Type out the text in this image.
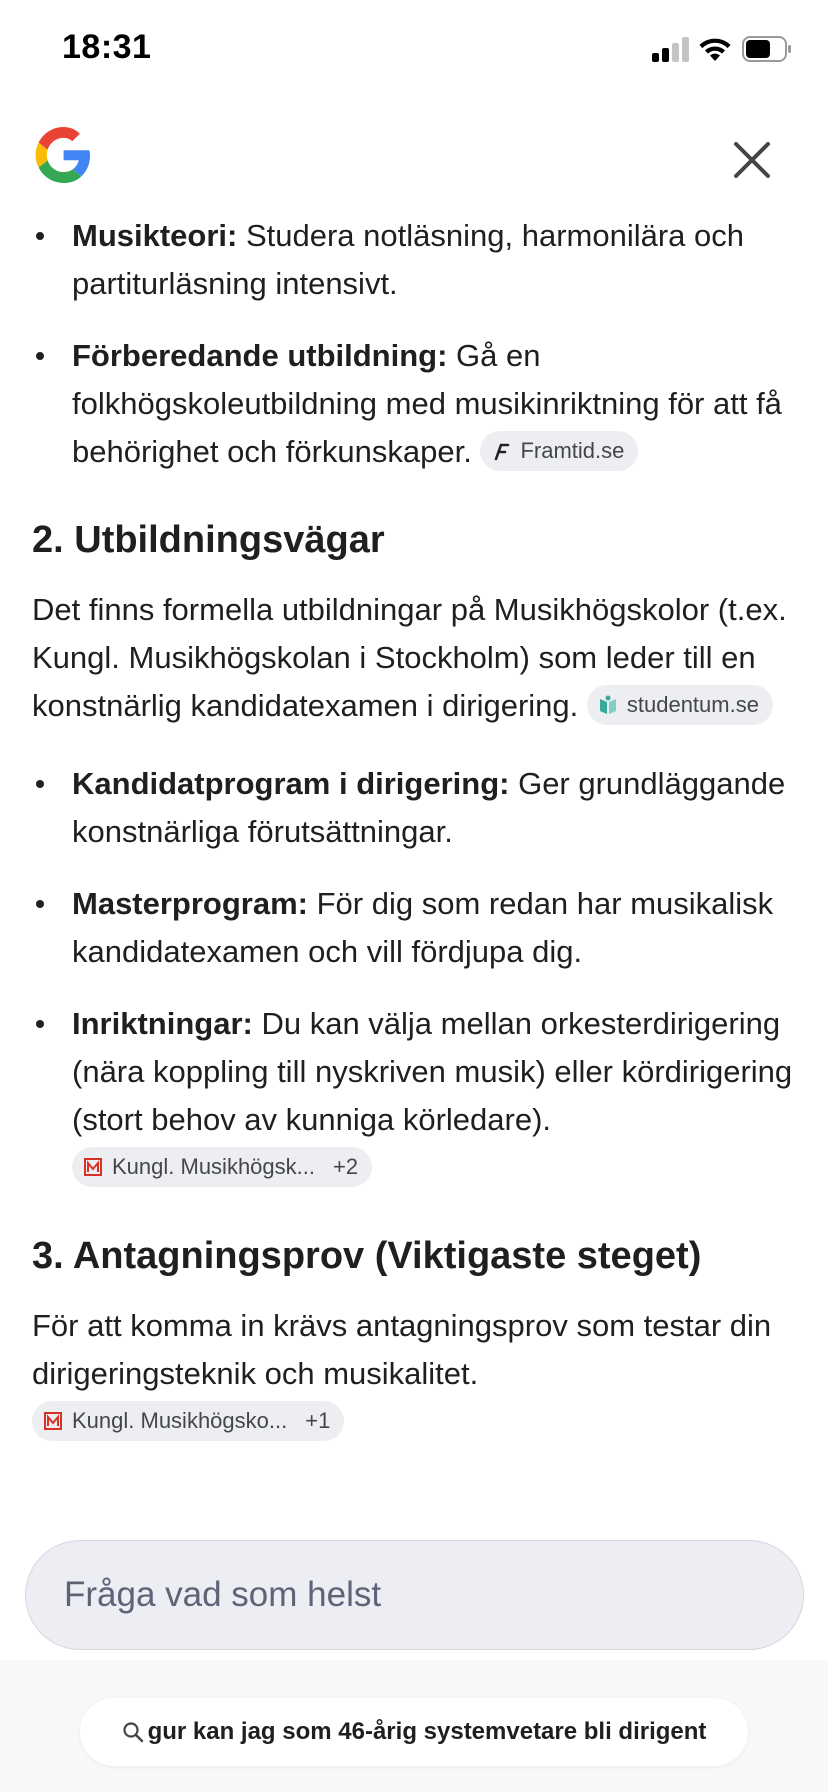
18:31
Musikteori: Studera notläsning, harmonilära och partiturläsning intensivt.
Förberedande utbildning: Gå en folkhögskoleutbildning med musikinriktning för att få behörighet och förkunskaper. Framtid.se
2. Utbildningsvägar

Det finns formella utbildningar på Musikhögskolor (t.ex. Kungl. Musikhögskolan i Stockholm) som leder till en konstnärlig kandidatexamen i dirigering. studentum.se

Kandidatprogram i dirigering: Ger grundläggande konstnärliga förutsättningar.
Masterprogram: För dig som redan har musikalisk kandidatexamen och vill fördjupa dig.
Inriktningar: Du kan välja mellan orkesterdirigering (nära koppling till nyskriven musik) eller kördirigering (stort behov av kunniga körledare).
Kungl. Musikhögsk... +2
3. Antagningsprov (Viktigaste steget)

För att komma in krävs antagningsprov som testar din dirigeringsteknik och musikalitet.
Kungl. Musikhögsko... +1

Fråga vad som helst
gur kan jag som 46-årig systemvetare bli dirigent
